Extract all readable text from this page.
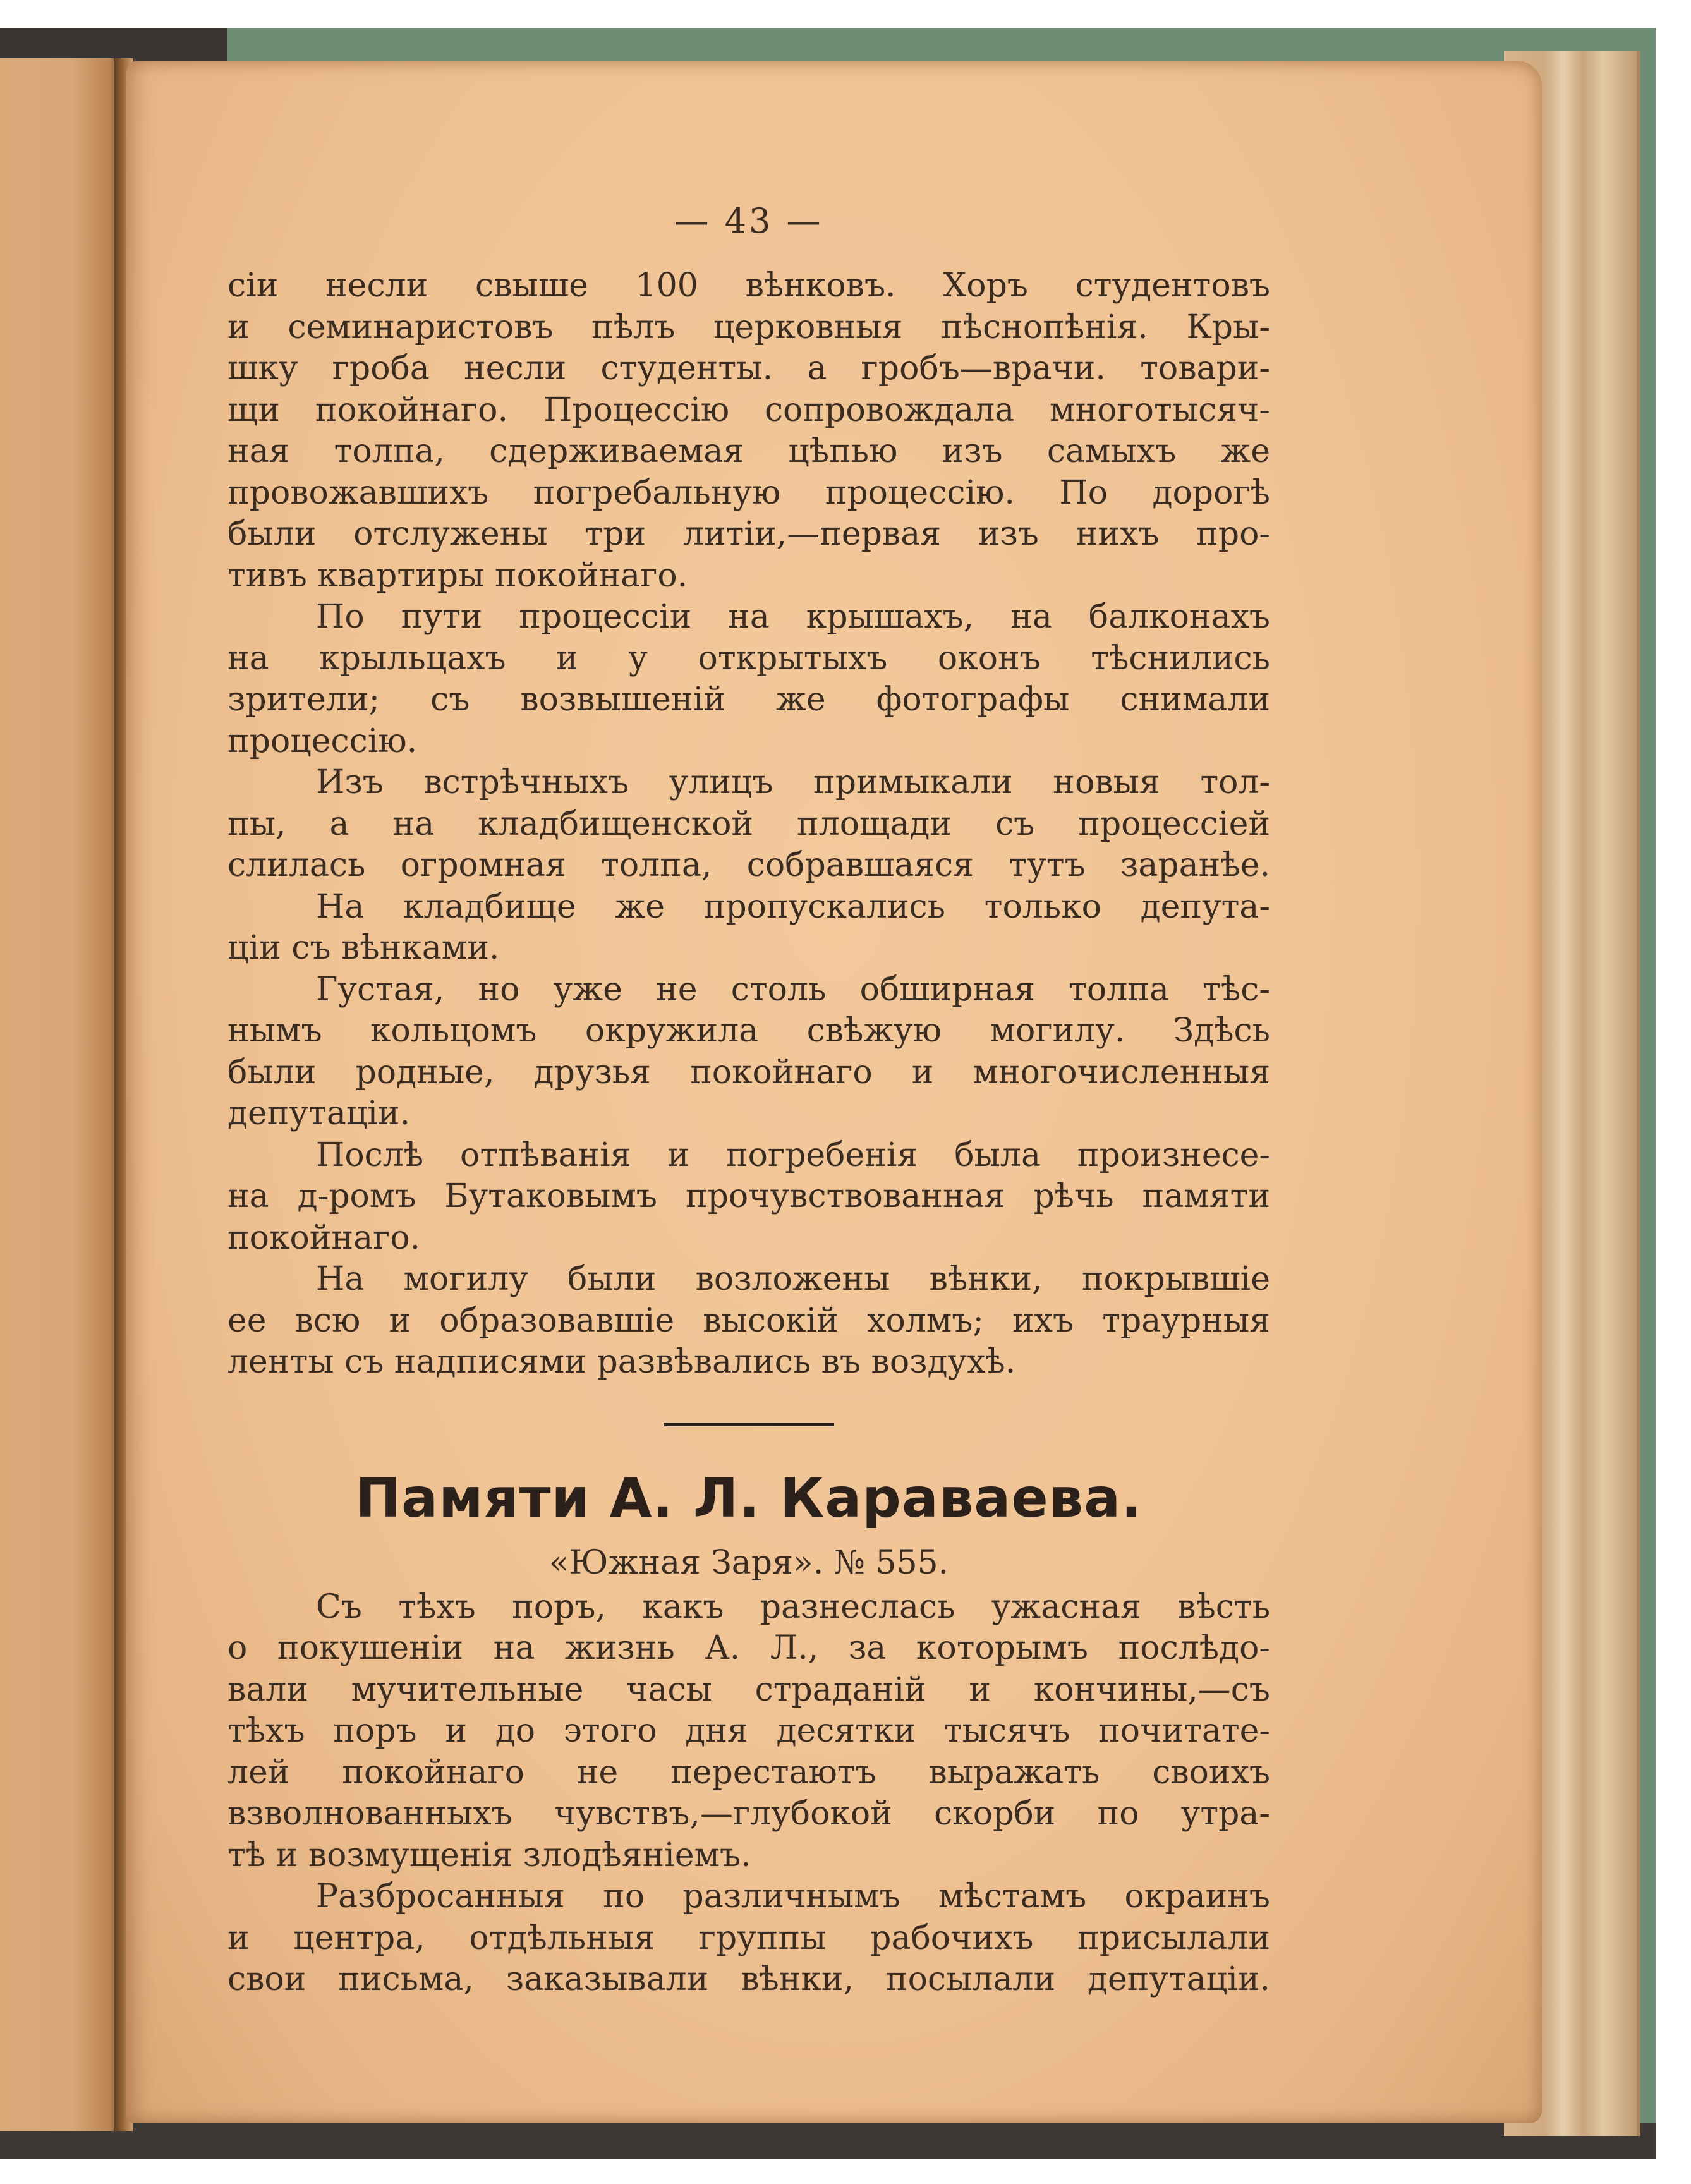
— 43 —
сіи несли свыше 100 вѣнковъ. Хоръ студентовъ
и семинаристовъ пѣлъ церковныя пѣснопѣнія. Кры-
шку гроба несли студенты. а гробъ—врачи. товари-
щи покойнаго. Процессію сопровождала многотысяч-
ная толпа, сдерживаемая цѣпью изъ самыхъ же
провожавшихъ погребальную процессію. По дорогѣ
были отслужены три литіи,—первая изъ нихъ про-
тивъ квартиры покойнаго.
По пути процессіи на крышахъ, на балконахъ
на крыльцахъ и у открытыхъ оконъ тѣснились
зрители; съ возвышеній же фотографы снимали
процессію.
Изъ встрѣчныхъ улицъ примыкали новыя тол-
пы, а на кладбищенской площади съ процессіей
слилась огромная толпа, собравшаяся тутъ заранѣе.
На кладбище же пропускались только депута-
ціи съ вѣнками.
Густая, но уже не столь обширная толпа тѣс-
нымъ кольцомъ окружила свѣжую могилу. Здѣсь
были родные, друзья покойнаго и многочисленныя
депутаціи.
Послѣ отпѣванія и погребенія была произнесе-
на д-ромъ Бутаковымъ прочувствованная рѣчь памяти
покойнаго.
На могилу были возложены вѣнки, покрывшіе
ее всю и образовавшіе высокій холмъ; ихъ траурныя
ленты съ надписями развѣвались въ воздухѣ.
Памяти А. Л. Караваева.
«Южная Заря». № 555.
Съ тѣхъ поръ, какъ разнеслась ужасная вѣсть
о покушеніи на жизнь А. Л., за которымъ послѣдо-
вали мучительные часы страданій и кончины,—съ
тѣхъ поръ и до этого дня десятки тысячъ почитате-
лей покойнаго не перестаютъ выражать своихъ
взволнованныхъ чувствъ,—глубокой скорби по утра-
тѣ и возмущенія злодѣяніемъ.
Разбросанныя по различнымъ мѣстамъ окраинъ
и центра, отдѣльныя группы рабочихъ присылали
свои письма, заказывали вѣнки, посылали депутаціи.
